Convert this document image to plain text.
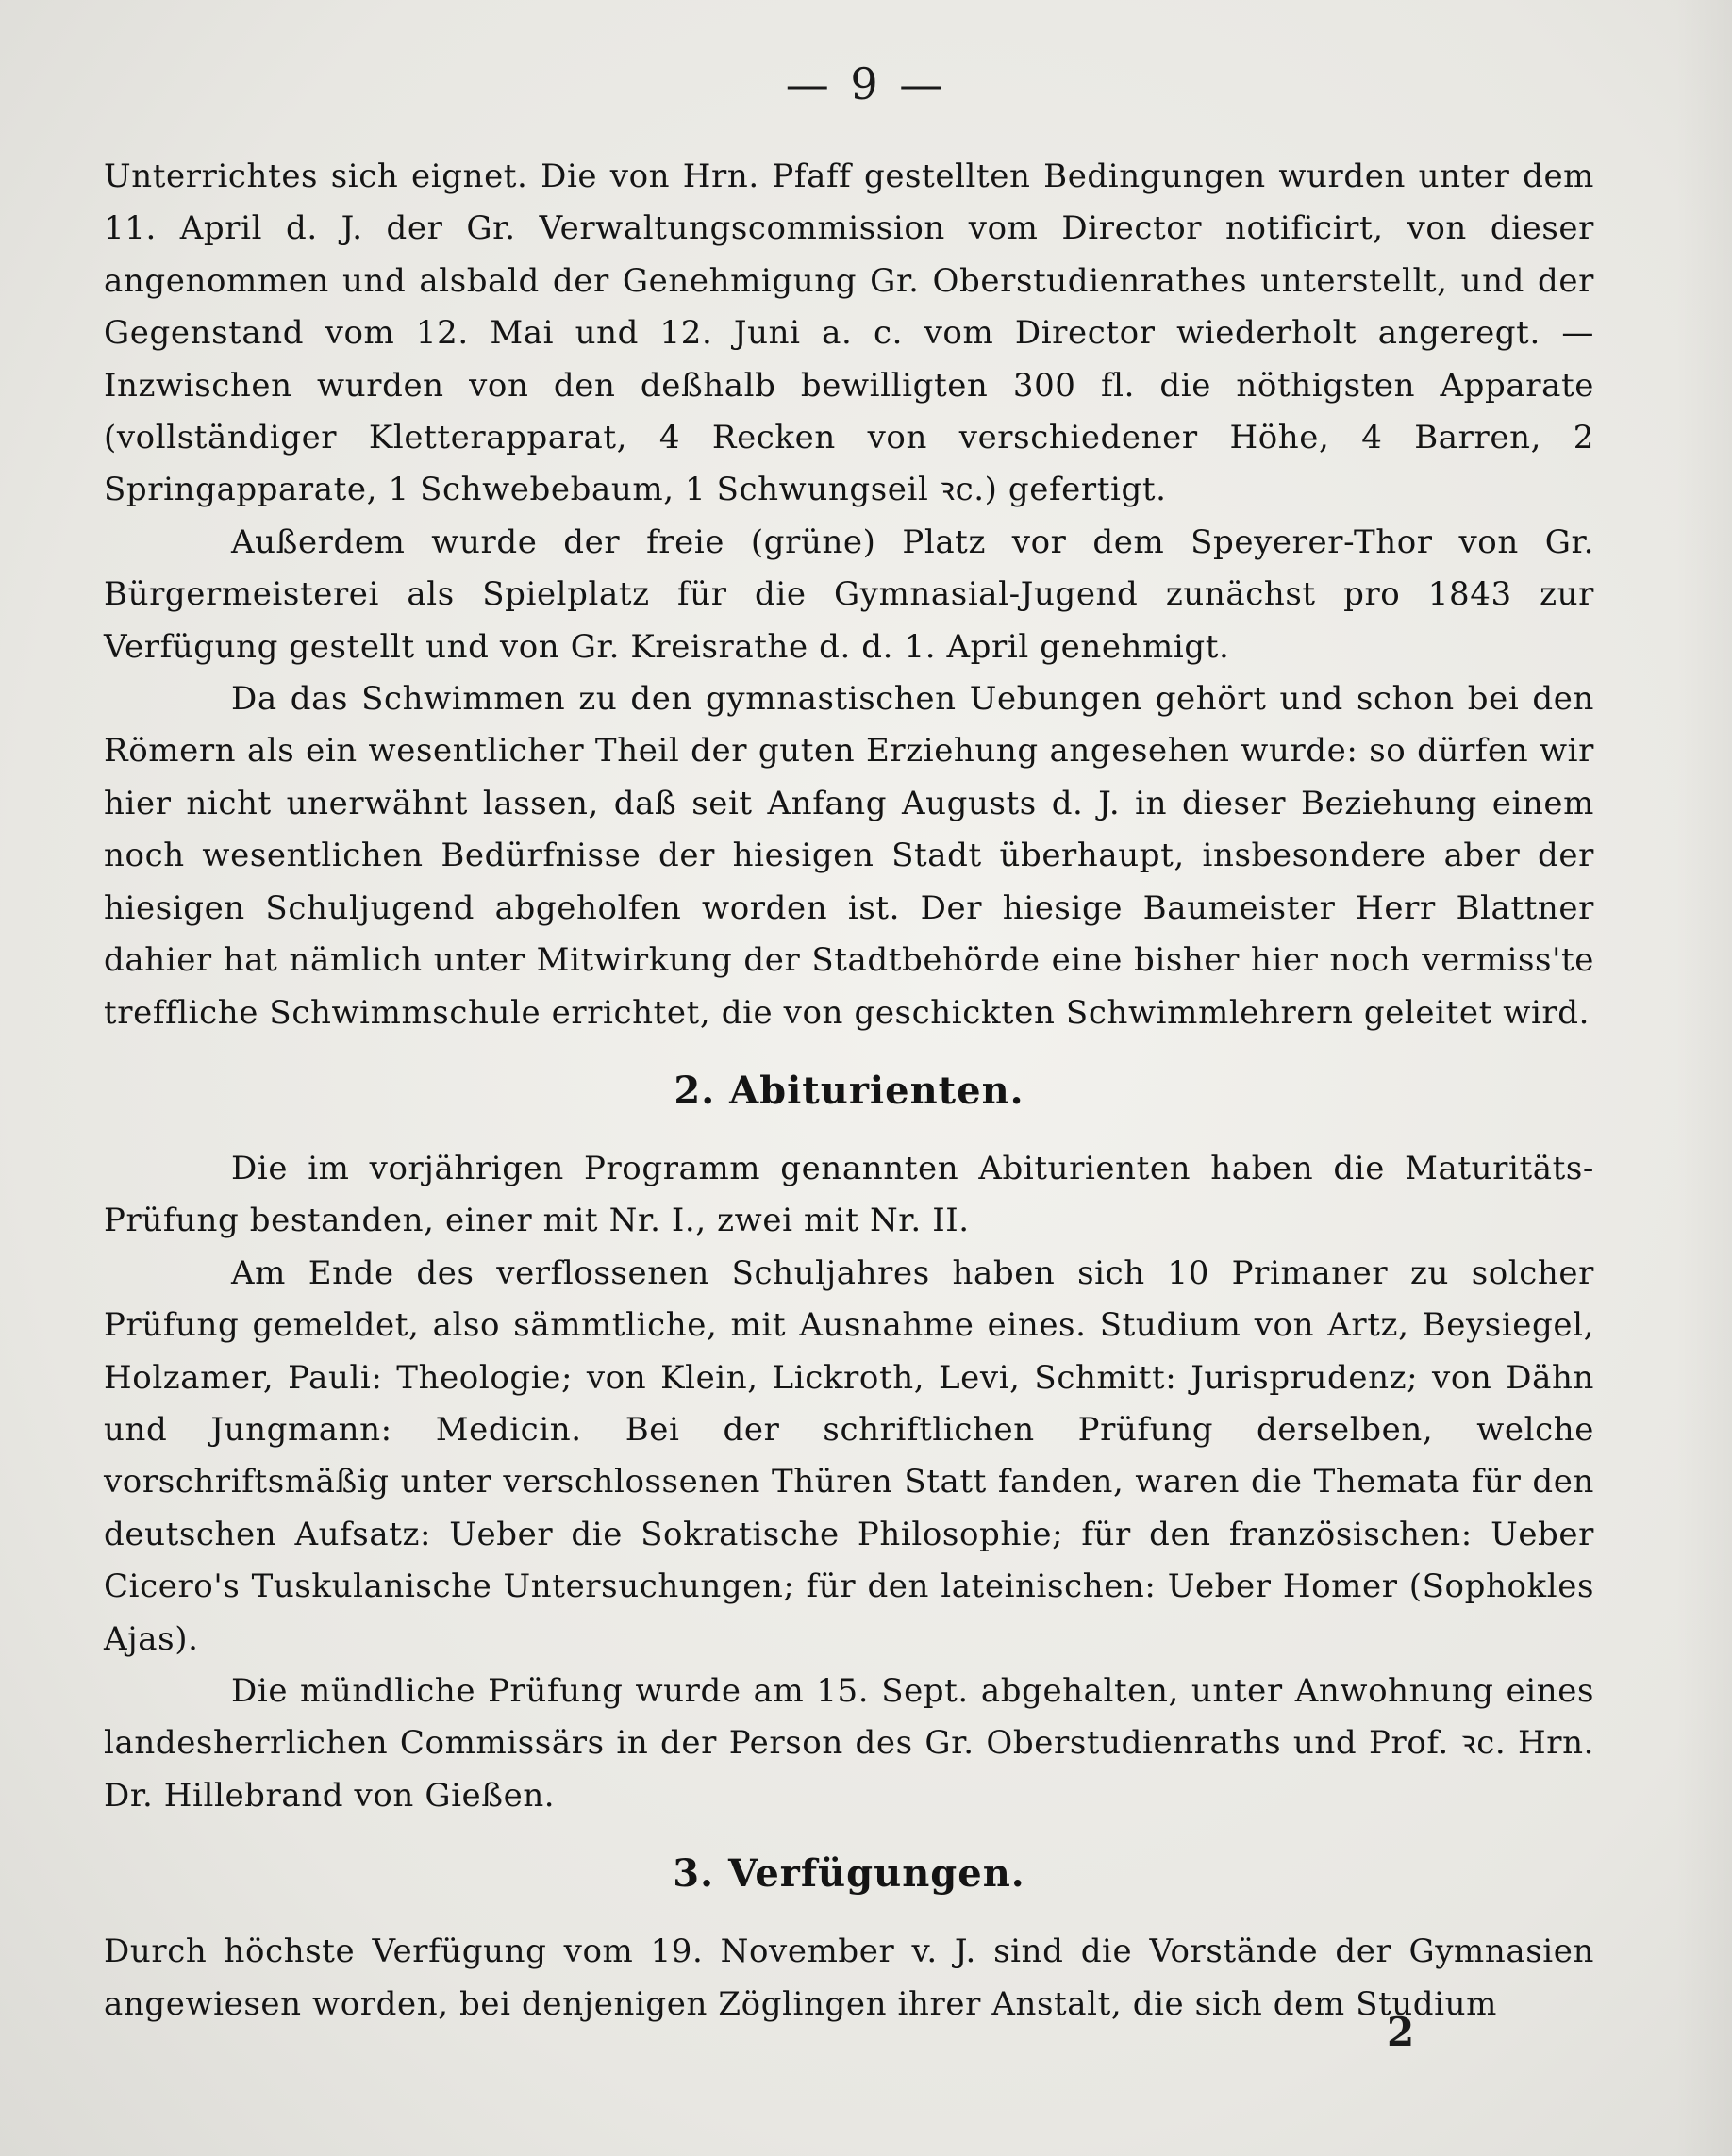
— 9 —

Unterrichtes sich eignet. Die von Hrn. Pfaff gestellten Bedingungen wurden unter dem 11. April d. J. der Gr. Verwaltungscommission vom Director notificirt, von dieser angenommen und alsbald der Genehmigung Gr. Oberstudienrathes unterstellt, und der Gegenstand vom 12. Mai und 12. Juni a. c. vom Director wiederholt angeregt. — Inzwischen wurden von den deßhalb bewilligten 300 fl. die nöthigsten Apparate (vollständiger Kletterapparat, 4 Recken von verschiedener Höhe, 4 Barren, 2 Springapparate, 1 Schwebebaum, 1 Schwungseil ꝛc.) gefertigt.

Außerdem wurde der freie (grüne) Platz vor dem Speyerer-Thor von Gr. Bürgermeisterei als Spielplatz für die Gymnasial-Jugend zunächst pro 1843 zur Verfügung gestellt und von Gr. Kreisrathe d. d. 1. April genehmigt.

Da das Schwimmen zu den gymnastischen Uebungen gehört und schon bei den Römern als ein wesentlicher Theil der guten Erziehung angesehen wurde: so dürfen wir hier nicht unerwähnt lassen, daß seit Anfang Augusts d. J. in dieser Beziehung einem noch wesentlichen Bedürfnisse der hiesigen Stadt überhaupt, insbesondere aber der hiesigen Schuljugend abgeholfen worden ist. Der hiesige Baumeister Herr Blattner dahier hat nämlich unter Mitwirkung der Stadtbehörde eine bisher hier noch vermiss'te treffliche Schwimmschule errichtet, die von geschickten Schwimmlehrern geleitet wird.

2. Abiturienten.

Die im vorjährigen Programm genannten Abiturienten haben die Maturitäts-Prüfung bestanden, einer mit Nr. I., zwei mit Nr. II.

Am Ende des verflossenen Schuljahres haben sich 10 Primaner zu solcher Prüfung gemeldet, also sämmtliche, mit Ausnahme eines. Studium von Artz, Beysiegel, Holzamer, Pauli: Theologie; von Klein, Lickroth, Levi, Schmitt: Jurisprudenz; von Dähn und Jungmann: Medicin. Bei der schriftlichen Prüfung derselben, welche vorschriftsmäßig unter verschlossenen Thüren Statt fanden, waren die Themata für den deutschen Aufsatz: Ueber die Sokratische Philosophie; für den französischen: Ueber Cicero's Tuskulanische Untersuchungen; für den lateinischen: Ueber Homer (Sophokles Ajas).

Die mündliche Prüfung wurde am 15. Sept. abgehalten, unter Anwohnung eines landesherrlichen Commissärs in der Person des Gr. Oberstudienraths und Prof. ꝛc. Hrn. Dr. Hillebrand von Gießen.

3. Verfügungen.

Durch höchste Verfügung vom 19. November v. J. sind die Vorstände der Gymnasien angewiesen worden, bei denjenigen Zöglingen ihrer Anstalt, die sich dem Studium

2
